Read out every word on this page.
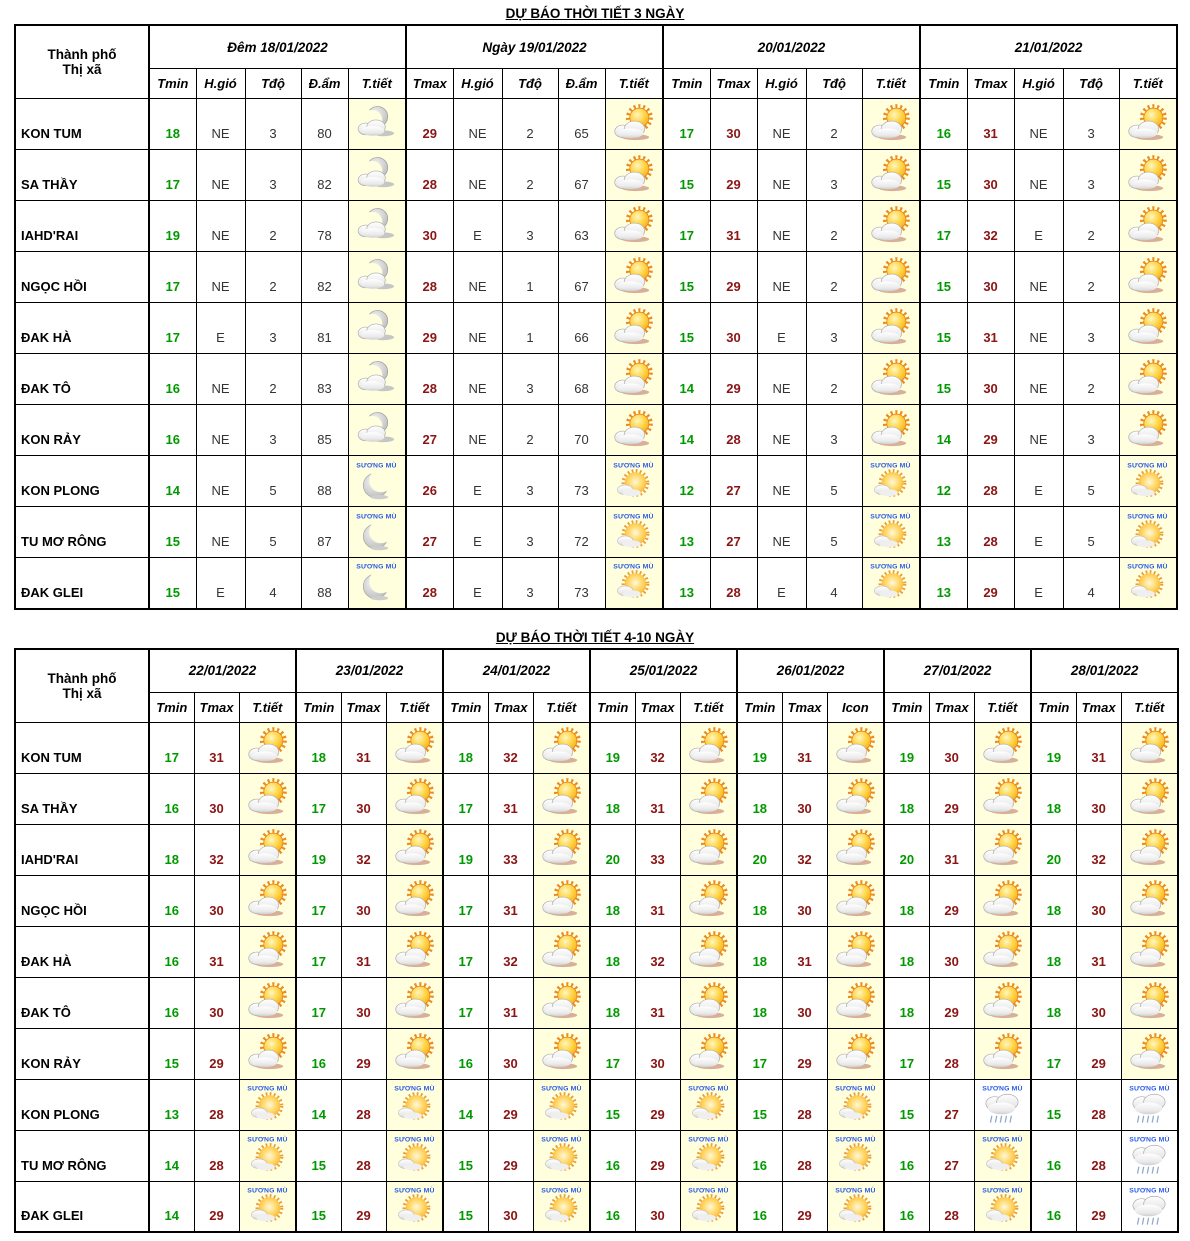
DỰ BÁO THỜI TIẾT 3 NGÀY
Thành phố
Thị xã	Đêm 18/01/2022					Ngày 19/01/2022					20/01/2022					21/01/2022				
	Tmin	H.gió	Tđộ	Đ.ẩm	T.tiết	Tmax	H.gió	Tđộ	Đ.ẩm	T.tiết	Tmin	Tmax	H.gió	Tđộ	T.tiết	Tmin	Tmax	H.gió	Tđộ	T.tiết
KON TUM	18	NE	3	80		29	NE	2	65		17	30	NE	2		16	31	NE	3	

SA THẦY	17	NE	3	82		28	NE	2	67		15	29	NE	3		15	30	NE	3	

IAHD'RAI	19	NE	2	78		30	E	3	63		17	31	NE	2		17	32	E	2	

NGỌC HỒI	17	NE	2	82		28	NE	1	67		15	29	NE	2		15	30	NE	2	

ĐAK HÀ	17	E	3	81		29	NE	1	66		15	30	E	3		15	31	NE	3	

ĐAK TÔ	16	NE	2	83		28	NE	3	68		14	29	NE	2		15	30	NE	2	

KON RẢY	16	NE	3	85		27	NE	2	70		14	28	NE	3		14	29	NE	3	

KON PLONG	14	NE	5	88		26	E	3	73		12	27	NE	5		12	28	E	5	

TU MƠ RÔNG	15	NE	5	87		27	E	3	72		13	27	NE	5		13	28	E	5	

ĐAK GLEI	15	E	4	88		28	E	3	73		13	28	E	4		13	29	E	4	
DỰ BÁO THỜI TIẾT 4-10 NGÀY
Thành phố
Thị xã	22/01/2022			23/01/2022			24/01/2022			25/01/2022			26/01/2022			27/01/2022			28/01/2022		
	Tmin	Tmax	T.tiết	Tmin	Tmax	T.tiết	Tmin	Tmax	T.tiết	Tmin	Tmax	T.tiết	Tmin	Tmax	Icon	Tmin	Tmax	T.tiết	Tmin	Tmax	T.tiết
KON TUM	17	31		18	31		18	32		19	32		19	31		19	30		19	31	

SA THẦY	16	30		17	30		17	31		18	31		18	30		18	29		18	30	

IAHD'RAI	18	32		19	32		19	33		20	33		20	32		20	31		20	32	

NGỌC HỒI	16	30		17	30		17	31		18	31		18	30		18	29		18	30	

ĐAK HÀ	16	31		17	31		17	32		18	32		18	31		18	30		18	31	

ĐAK TÔ	16	30		17	30		17	31		18	31		18	30		18	29		18	30	

KON RẢY	15	29		16	29		16	30		17	30		17	29		17	28		17	29	

KON PLONG	13	28		14	28		14	29		15	29		15	28		15	27		15	28	

TU MƠ RÔNG	14	28		15	28		15	29		16	29		16	28		16	27		16	28	

ĐAK GLEI	14	29		15	29		15	30		16	30		16	29		16	28		16	29	
